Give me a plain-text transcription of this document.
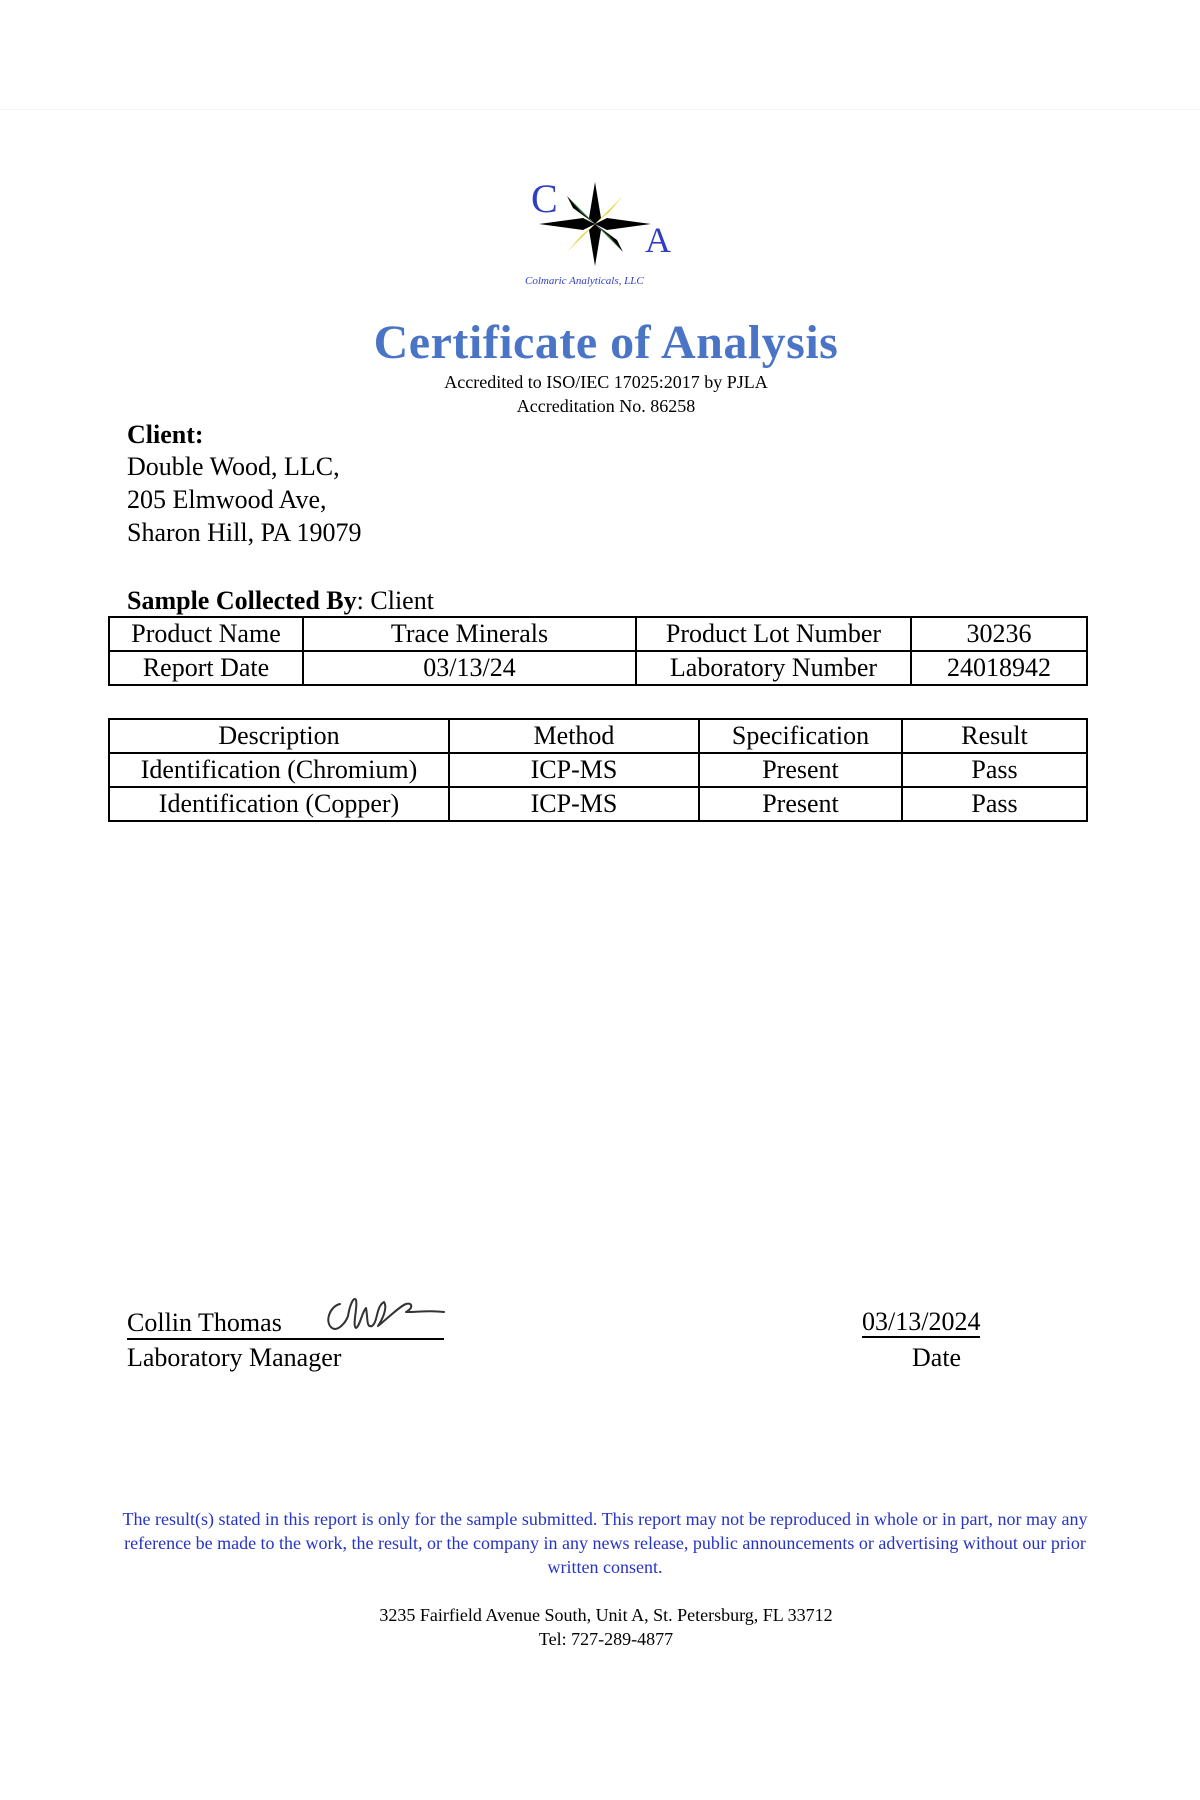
C
A
Colmaric Analyticals, LLC
Certificate of Analysis
Accredited to ISO/IEC 17025:2017 by PJLA
Accreditation No. 86258
Client:
Double Wood, LLC,
205 Elmwood Ave,
Sharon Hill, PA 19079
Sample Collected By: Client
Product Name	Trace Minerals	Product Lot Number	30236
Report Date	03/13/24	Laboratory Number	24018942
Description	Method	Specification	Result
Identification (Chromium)	ICP-MS	Present	Pass
Identification (Copper)	ICP-MS	Present	Pass
Collin Thomas
Laboratory Manager
03/13/2024
Date
The result(s) stated in this report is only for the sample submitted. This report may not be reproduced in whole or in part, nor may any reference be made to the work, the result, or the company in any news release, public announcements or advertising without our prior written consent.
3235 Fairfield Avenue South, Unit A, St. Petersburg, FL 33712
Tel: 727-289-4877
